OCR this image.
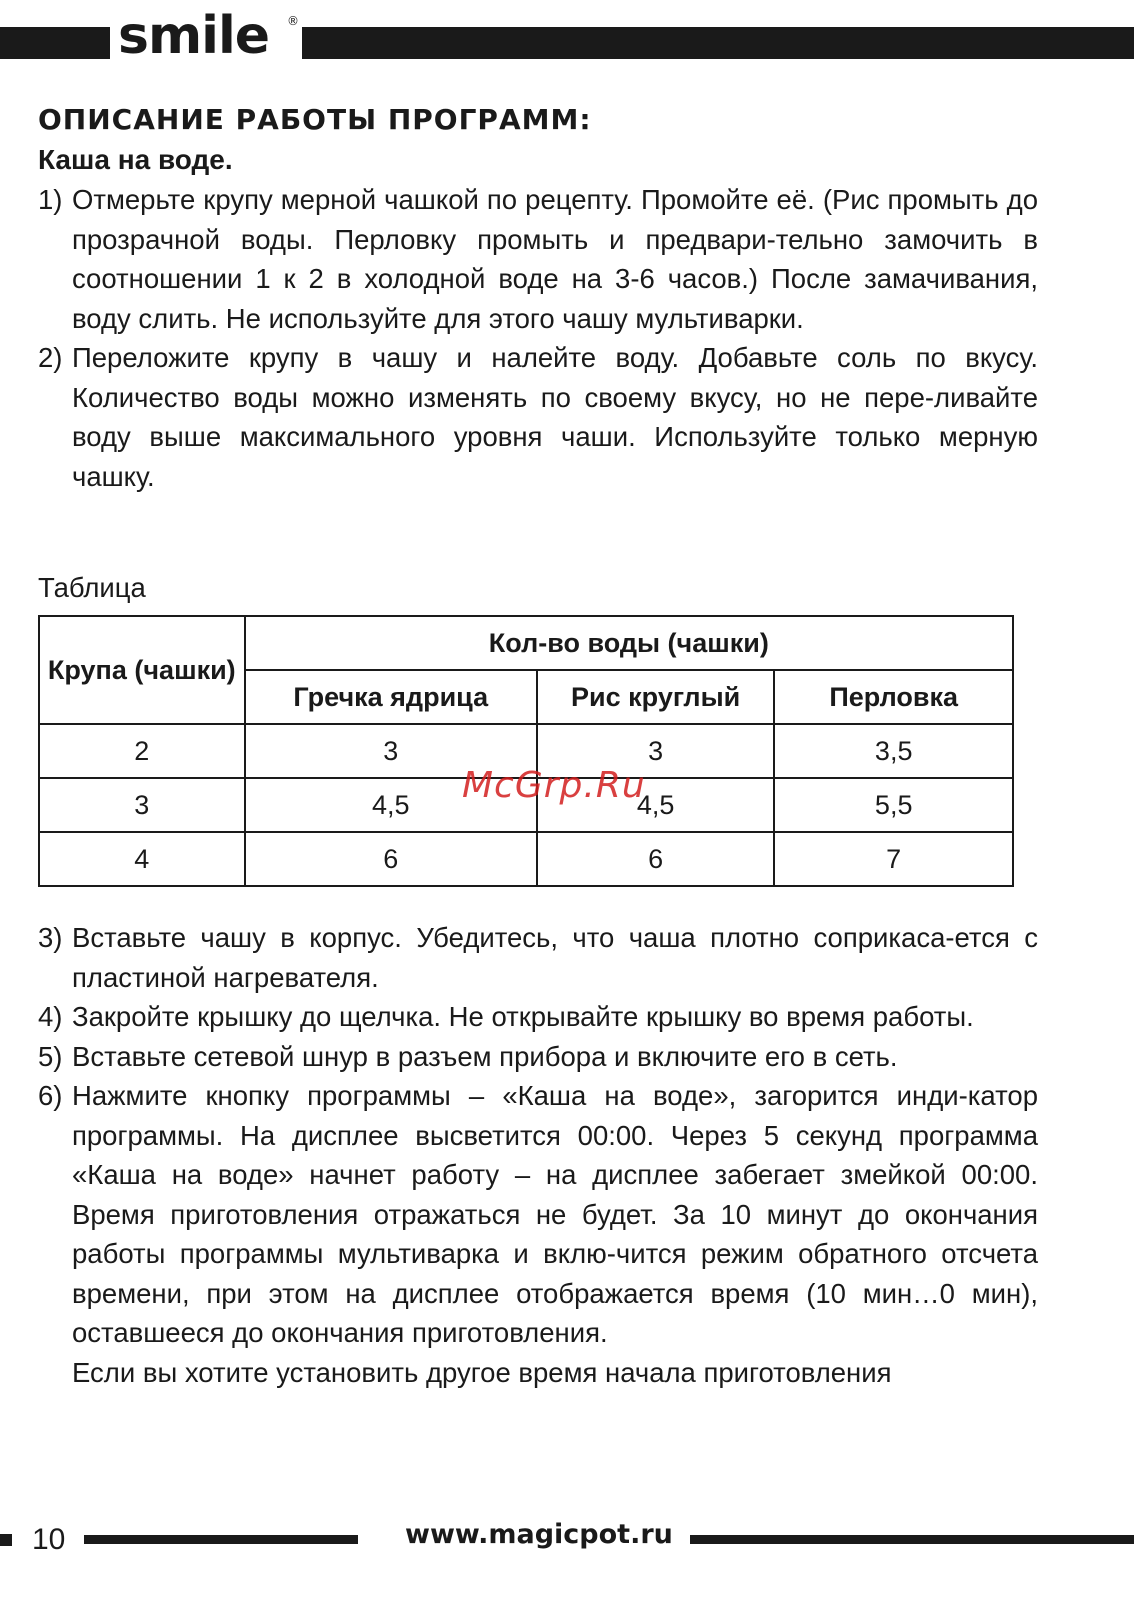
smile ®
ОПИСАНИЕ РАБОТЫ ПРОГРАММ:
Каша на воде.

1) Отмерьте крупу мерной чашкой по рецепту. Промойте её. (Рис промыть до прозрачной воды. Перловку промыть и предвари-тельно замочить в соотношении 1 к 2 в холодной воде на 3-6 часов.) После замачивания, воду слить. Не используйте для этого чашу мультиварки.

2) Переложите крупу в чашу и налейте воду. Добавьте соль по вкусу. Количество воды можно изменять по своему вкусу, но не пере-ливайте воду выше максимального уровня чаши. Используйте только мерную чашку.

Таблица
Крупа (чашки)	Кол-во воды (чашки)		
	Гречка ядрица	Рис круглый	Перловка
2	3	3	3,5
3	4,5	4,5	5,5
4	6	6	7
McGrp.Ru

3) Вставьте чашу в корпус. Убедитесь, что чаша плотно соприкаса-ется с пластиной нагревателя.

4) Закройте крышку до щелчка. Не открывайте крышку во время работы.

5) Вставьте сетевой шнур в разъем прибора и включите его в сеть.

6) Нажмите кнопку программы – «Каша на воде», загорится инди-катор программы. На дисплее высветится 00:00. Через 5 секунд программа «Каша на воде» начнет работу – на дисплее забегает змейкой 00:00. Время приготовления отражаться не будет. За 10 минут до окончания работы программы мультиварка и вклю-чится режим обратного отсчета времени, при этом на дисплее отображается время (10 мин…0 мин), оставшееся до окончания приготовления.

Если вы хотите установить другое время начала приготовления

10	www.magicpot.ru
